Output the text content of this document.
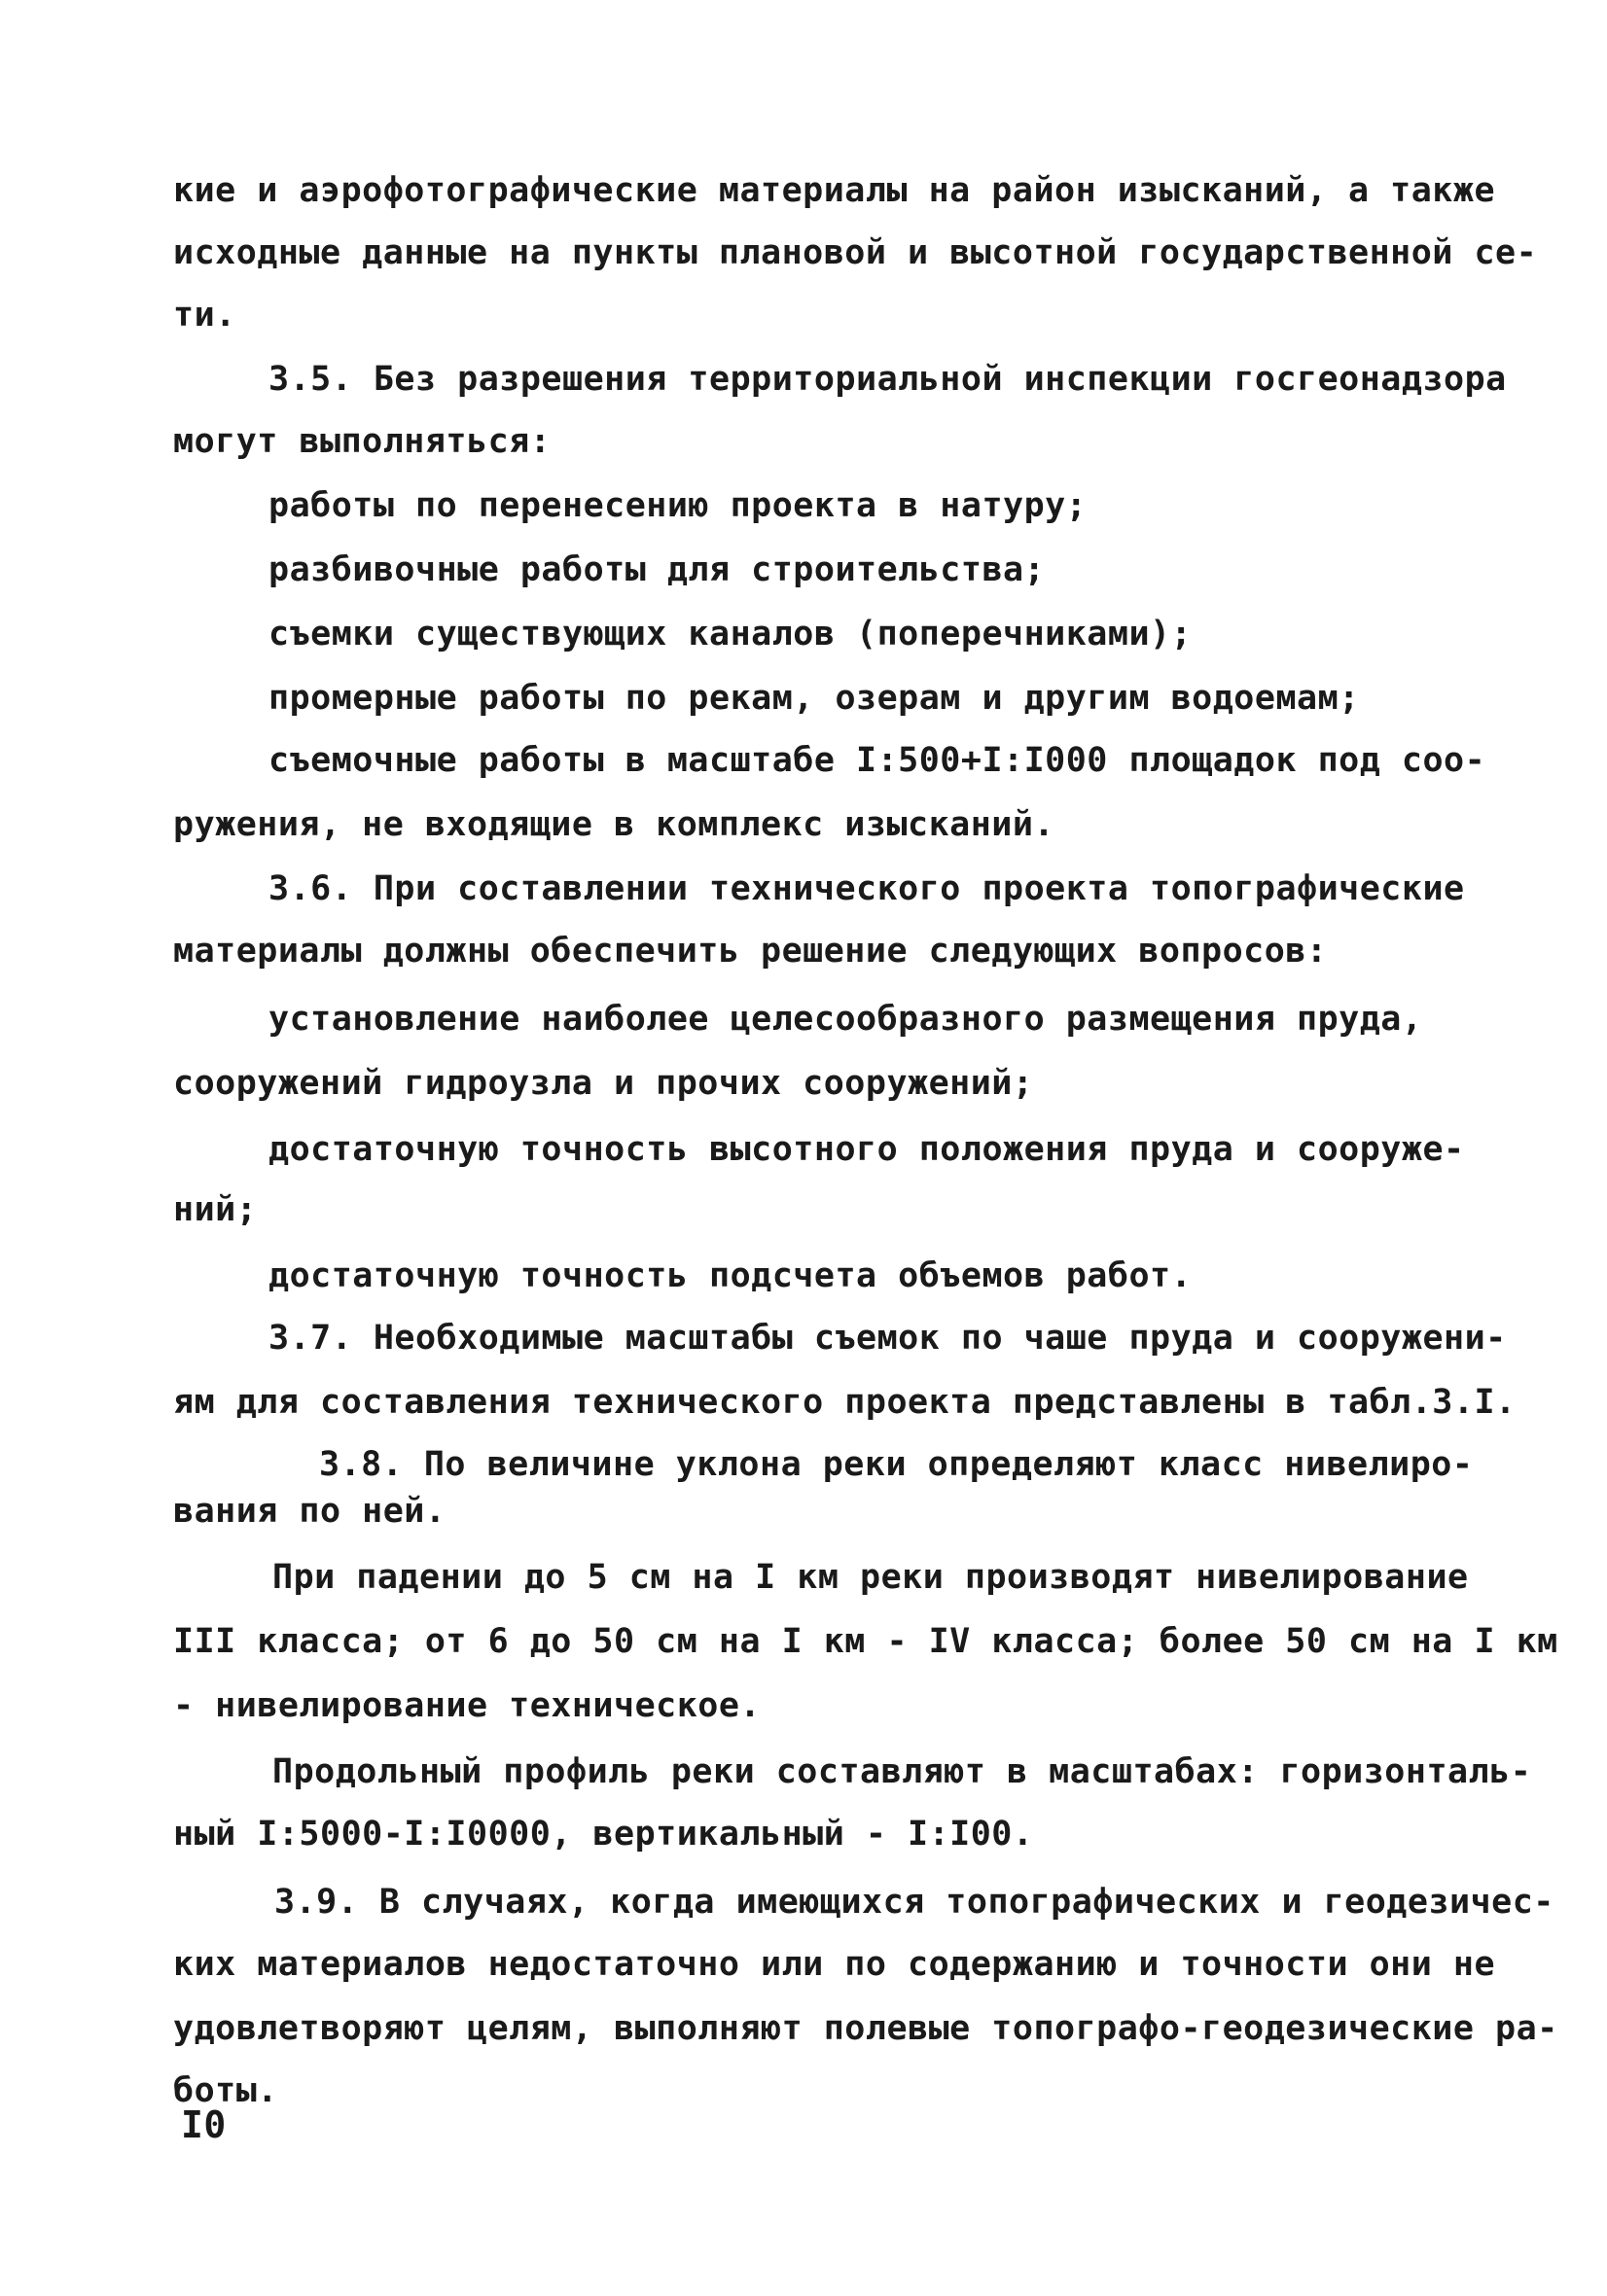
кие и аэрофотографические материалы на район изысканий, а также
исходные данные на пункты плановой и высотной государственной се-
ти.
3.5. Без разрешения территориальной инспекции госгеонадзора
могут выполняться:
работы по перенесению проекта в натуру;
разбивочные работы для строительства;
съемки существующих каналов (поперечниками);
промерные работы по рекам, озерам и другим водоемам;
съемочные работы в масштабе I:500+I:I000 площадок под соо-
ружения, не входящие в комплекс изысканий.
3.6. При составлении технического проекта топографические
материалы должны обеспечить решение следующих вопросов:
установление наиболее целесообразного размещения пруда,
сооружений гидроузла и прочих сооружений;
достаточную точность высотного положения пруда и сооруже-
ний;
достаточную точность подсчета объемов работ.
3.7. Необходимые масштабы съемок по чаше пруда и сооружени-
ям для составления технического проекта представлены в табл.3.I.
3.8. По величине уклона реки определяют класс нивелиро-
вания по ней.
При падении до 5 см на I км реки производят нивелирование
III класса; от 6 до 50 см на I км - IV класса; более 50 см на I км
- нивелирование техническое.
Продольный профиль реки составляют в масштабах: горизонталь-
ный I:5000-I:I0000, вертикальный - I:I00.
3.9. В случаях, когда имеющихся топографических и геодезичес-
ких материалов недостаточно или по содержанию и точности они не
удовлетворяют целям, выполняют полевые топографо-геодезические ра-
боты.
I0
